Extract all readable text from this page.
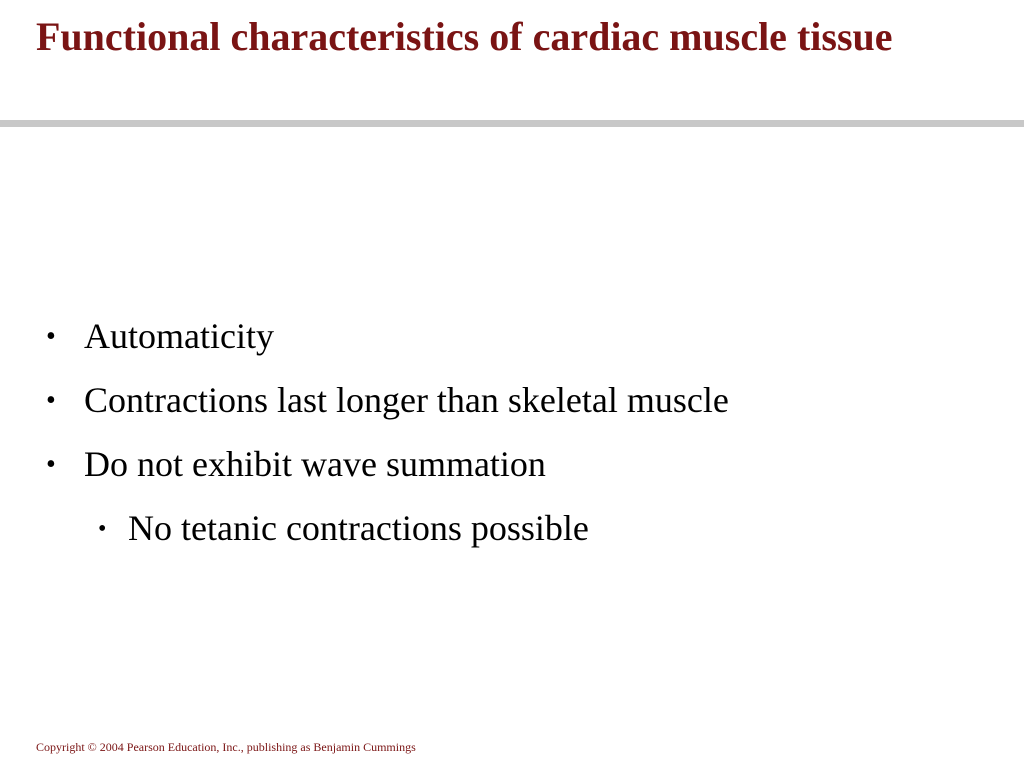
Functional characteristics of cardiac muscle tissue
• Automaticity
• Contractions last longer than skeletal muscle
• Do not exhibit wave summation
• No tetanic contractions possible

Copyright © 2004 Pearson Education, Inc., publishing as Benjamin Cummings
